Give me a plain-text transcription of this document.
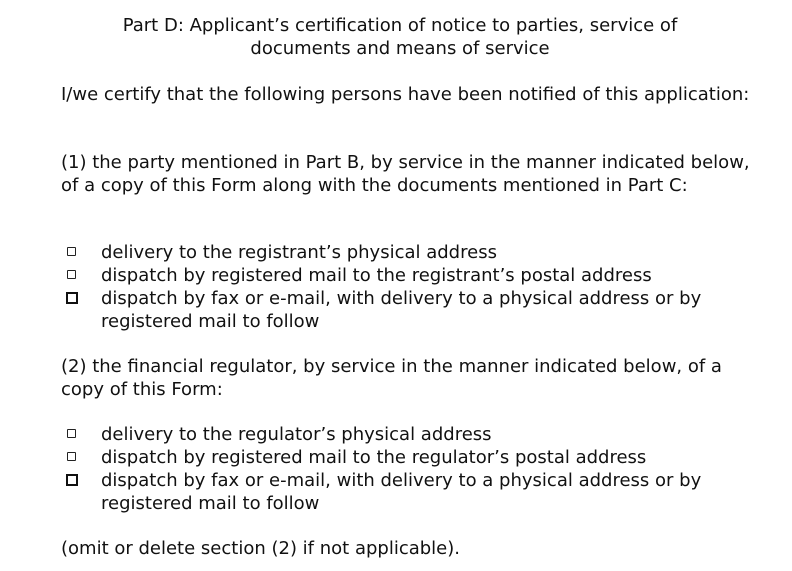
Part D: Applicant’s certification of notice to parties, service of
documents and means of service

I/we certify that the following persons have been notified of this application:

(1) the party mentioned in Part B, by service in the manner indicated below, of a copy of this Form along with the documents mentioned in Part C:

delivery to the registrant’s physical address
dispatch by registered mail to the registrant’s postal address
dispatch by fax or e-mail, with delivery to a physical address or by registered mail to follow

(2) the financial regulator, by service in the manner indicated below, of a copy of this Form:

delivery to the regulator’s physical address
dispatch by registered mail to the regulator’s postal address
dispatch by fax or e-mail, with delivery to a physical address or by registered mail to follow

(omit or delete section (2) if not applicable).
